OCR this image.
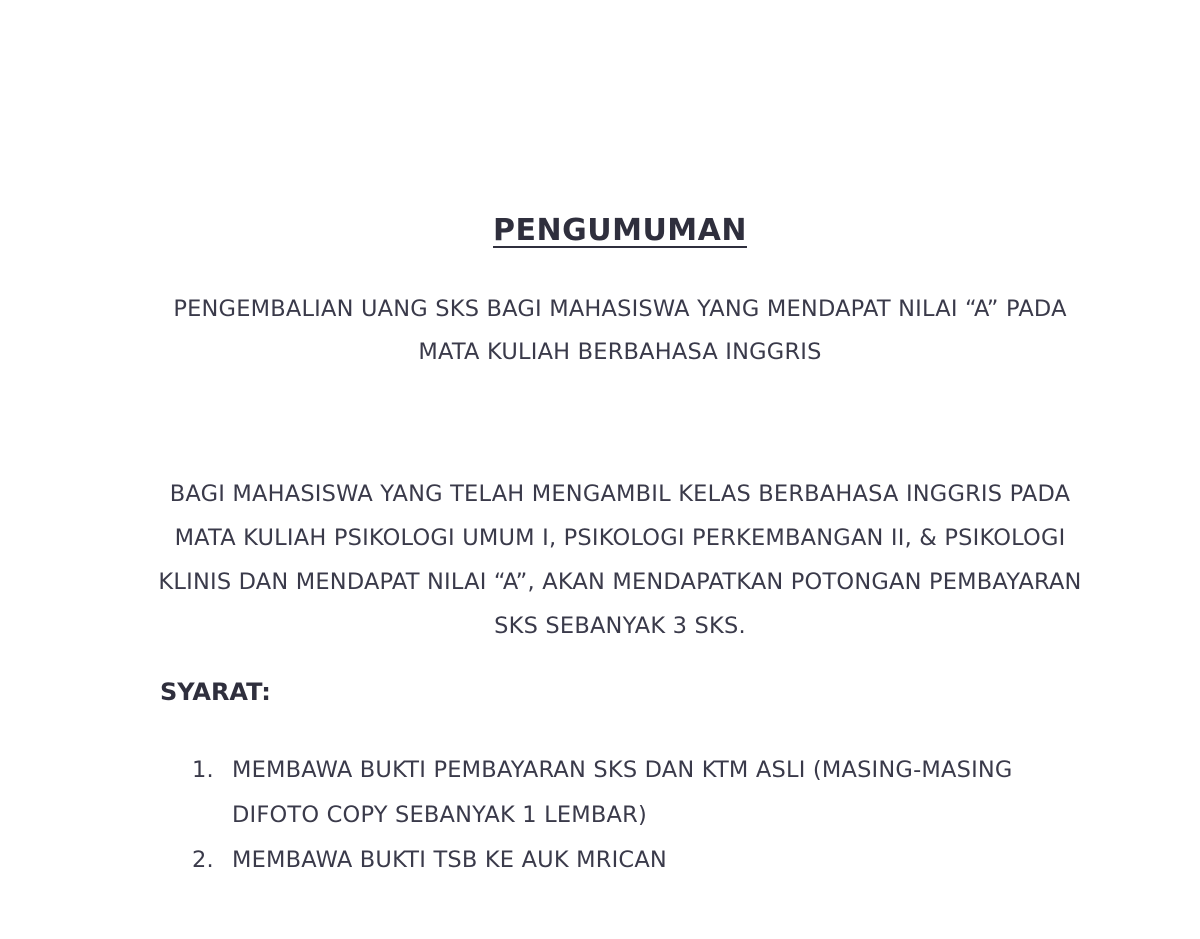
PENGUMUMAN
PENGEMBALIAN UANG SKS BAGI MAHASISWA YANG MENDAPAT NILAI “A” PADA MATA KULIAH BERBAHASA INGGRIS
BAGI MAHASISWA YANG TELAH MENGAMBIL KELAS BERBAHASA INGGRIS PADA MATA KULIAH PSIKOLOGI UMUM I, PSIKOLOGI PERKEMBANGAN II, & PSIKOLOGI KLINIS DAN MENDAPAT NILAI “A”, AKAN MENDAPATKAN POTONGAN PEMBAYARAN SKS SEBANYAK 3 SKS.
SYARAT:
1. MEMBAWA BUKTI PEMBAYARAN SKS DAN KTM ASLI (MASING-MASING DIFOTO COPY SEBANYAK 1 LEMBAR)
2. MEMBAWA BUKTI TSB KE AUK MRICAN
